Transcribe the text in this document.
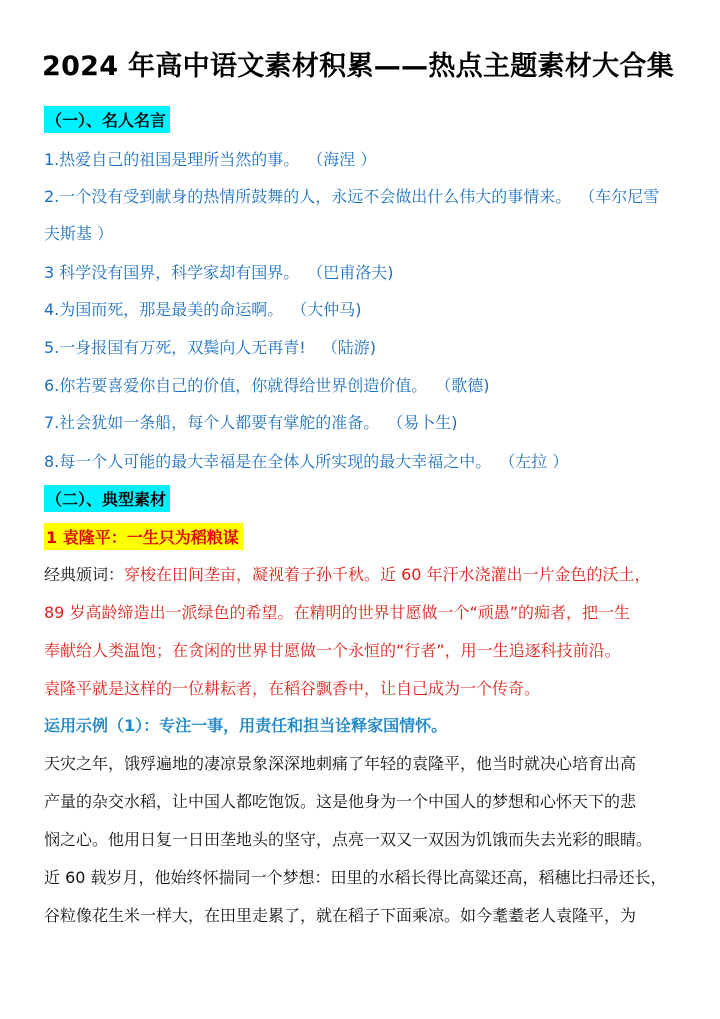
2024 年高中语文素材积累——热点主题素材大合集
（一）、名人名言
1.热爱自己的祖国是理所当然的事。 （海涅 ）
2.一个没有受到献身的热情所鼓舞的人，永远不会做出什么伟大的事情来。 （车尔尼雪
夫斯基 ）
3 科学没有国界，科学家却有国界。 （巴甫洛夫)
4.为国而死，那是最美的命运啊。 （大仲马)
5.一身报国有万死，双鬓向人无再青! （陆游)
6.你若要喜爱你自己的价值，你就得给世界创造价值。 （歌德)
7.社会犹如一条船，每个人都要有掌舵的准备。 （易卜生)
8.每一个人可能的最大幸福是在全体人所实现的最大幸福之中。 （左拉 ）
（二）、典型素材
1 袁隆平：一生只为稻粮谋
经典颁词：穿梭在田间垄亩，凝视着子孙千秋。近 60 年汗水浇灌出一片金色的沃土，
89 岁高龄缔造出一派绿色的希望。在精明的世界甘愿做一个“顽愚”的痴者，把一生
奉献给人类温饱；在贪闲的世界甘愿做一个永恒的“行者”，用一生追逐科技前沿。
袁隆平就是这样的一位耕耘者，在稻谷飘香中，让自己成为一个传奇。
运用示例（1）：专注一事，用责任和担当诠释家国情怀。
天灾之年，饿殍遍地的凄凉景象深深地刺痛了年轻的袁隆平，他当时就决心培育出高
产量的杂交水稻，让中国人都吃饱饭。这是他身为一个中国人的梦想和心怀天下的悲
悯之心。他用日复一日田垄地头的坚守，点亮一双又一双因为饥饿而失去光彩的眼睛。
近 60 载岁月，他始终怀揣同一个梦想：田里的水稻长得比高粱还高，稻穗比扫帚还长，
谷粒像花生米一样大，在田里走累了，就在稻子下面乘凉。如今耄耋老人袁隆平，为
